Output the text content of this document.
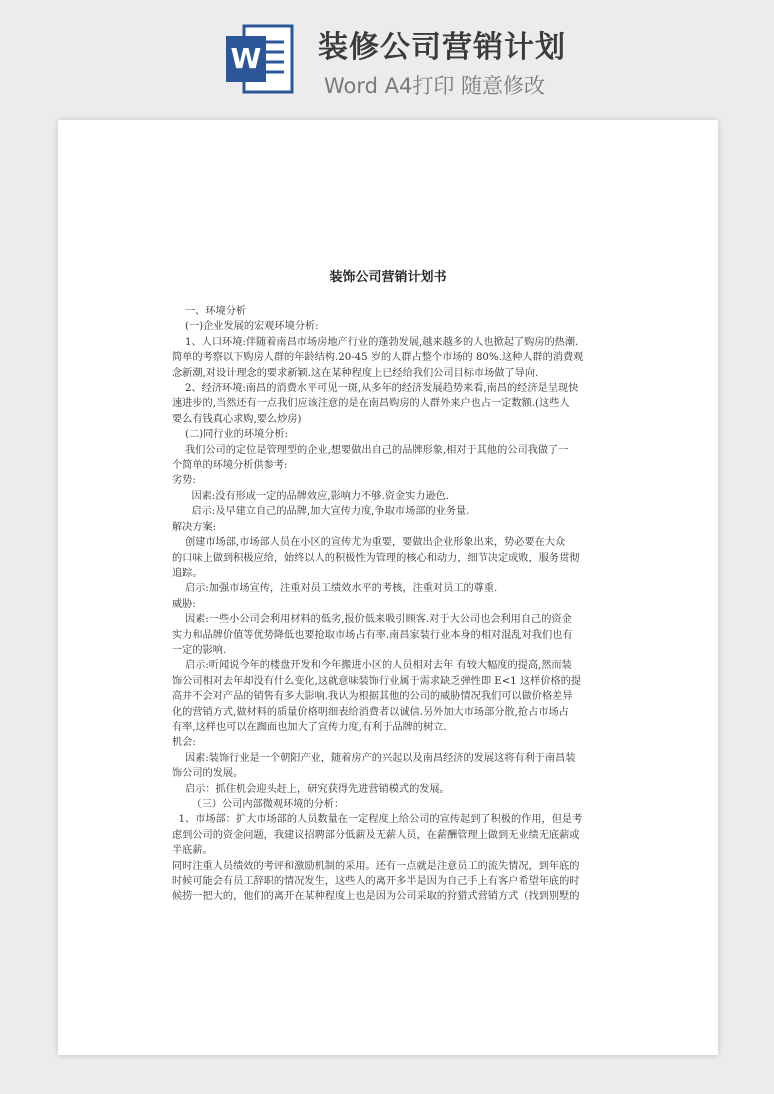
W 装修公司营销计划
Word A4打印 随意修改
装饰公司营销计划书

一、环境分析

(一)企业发展的宏观环境分析:

1、人口环境:伴随着南昌市场房地产行业的蓬勃发展,越来越多的人也掀起了购房的热潮.

简单的考察以下购房人群的年龄结构.20-45 岁的人群占整个市场的 80%.这种人群的消费观

念新潮,对设计理念的要求新颖.这在某种程度上已经给我们公司目标市场做了导向.

2、经济环境:南昌的消费水平可见一斑,从多年的经济发展趋势来看,南昌的经济是呈现快

速进步的,当然还有一点我们应该注意的是在南昌购房的人群外来户也占一定数额.(这些人

要么有钱真心求购,要么炒房)

(二)同行业的环境分析:

我们公司的定位是管理型的企业,想要做出自己的品牌形象,相对于其他的公司我做了一

个简单的环境分析供参考:

劣势:

因素:没有形成一定的品牌效应,影响力不够.资金实力逊色.

启示:及早建立自己的品牌,加大宣传力度,争取市场部的业务量.

解决方案:

创建市场部,市场部人员在小区的宣传尤为重要，要做出企业形象出来，势必要在大众

的口味上做到积极应给，始终以人的积极性为管理的核心和动力，细节决定成败，服务贯彻

追踪。

启示:加强市场宣传，注重对员工绩效水平的考核，注重对员工的尊重.

威胁:

因素:一些小公司会利用材料的低劣,报价低来吸引顾客.对于大公司也会利用自己的资金

实力和品牌价值等优势降低也要抢取市场占有率.南昌家装行业本身的相对混乱对我们也有

一定的影响.

启示:听闻说今年的楼盘开发和今年搬进小区的人员相对去年 有较大幅度的提高,然而装

饰公司相对去年却没有什么变化,这就意味装饰行业属于需求缺乏弹性即 E<1 这样价格的提

高并不会对产品的销售有多大影响.我认为根据其他的公司的威胁情况我们可以做价格差异

化的营销方式,做材料的质量价格明细表给消费者以诚信.另外加大市场部分散,抢占市场占

有率,这样也可以在踟面也加大了宣传力度,有利于品牌的树立.

机会:

因素:装饰行业是一个朝阳产业，随着房产的兴起以及南昌经济的发展这将有利于南昌装

饰公司的发展。

启示：抓住机会迎头赶上，研究获得先进营销模式的发展。

（三）公司内部微观环境的分析：

1、市场部：扩大市场部的人员数量在一定程度上给公司的宣传起到了积极的作用，但是考

虑到公司的资金问题，我建议招聘部分低薪及无薪人员，在薪酬管理上做到无业绩无底薪或

半底薪。

同时注重人员绩效的考评和激励机制的采用。还有一点就是注意员工的流失情况，到年底的

时候可能会有员工辞职的情况发生，这些人的离开多半是因为自己手上有客户希望年底的时

候捞一把大的，他们的离开在某种程度上也是因为公司采取的狩猎式营销方式（找到别墅的
